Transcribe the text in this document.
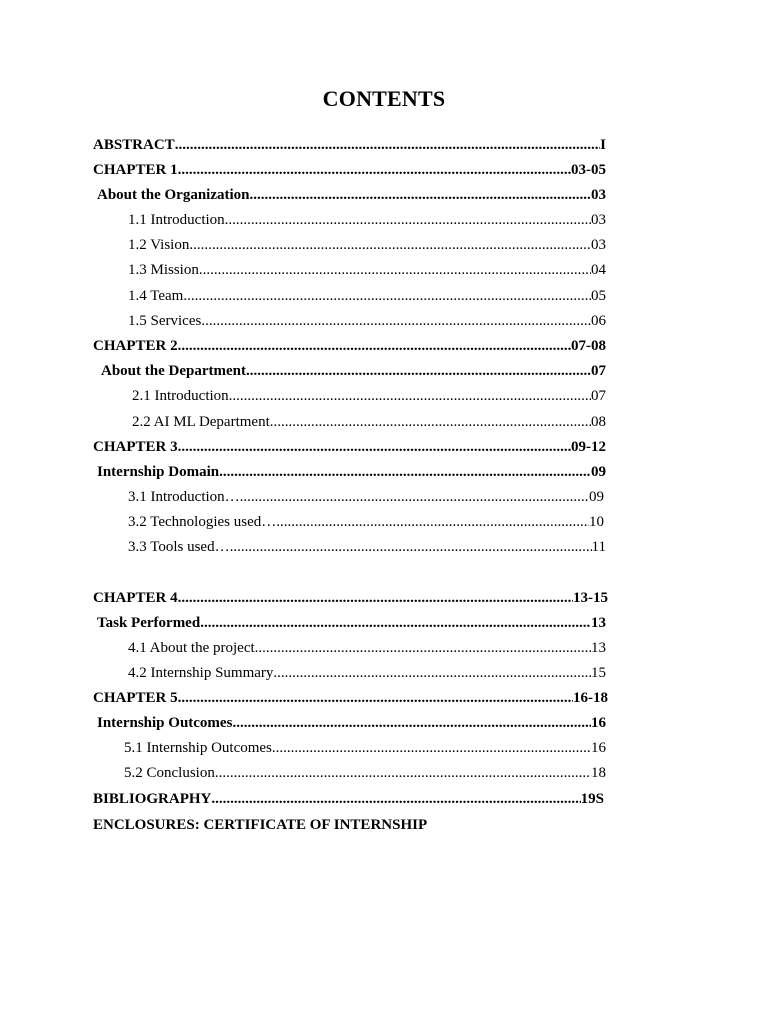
CONTENTS
ABSTRACT .....	I
CHAPTER 1 .....	03-05
About the Organization .....	03
1.1 Introduction .....	03
1.2 Vision .....	03
1.3 Mission .....	04
1.4 Team .....	05
1.5 Services .....	06
CHAPTER 2 .....	07-08
About the Department .....	07
2.1 Introduction .....	07
2.2 AI ML Department .....	08
CHAPTER 3 .....	09-12
Internship Domain .....	09
3.1 Introduction… .....	09
3.2 Technologies used… .....	10
3.3 Tools used… .....	11
CHAPTER 4 .....	13-15
Task Performed .....	13
4.1 About the project .....	13
4.2 Internship Summary .....	15
CHAPTER 5 .....	16-18
Internship Outcomes .....	16
5.1 Internship Outcomes .....	16
5.2 Conclusion .....	18
BIBLIOGRAPHY .....	19S
ENCLOSURES: CERTIFICATE OF INTERNSHIP
